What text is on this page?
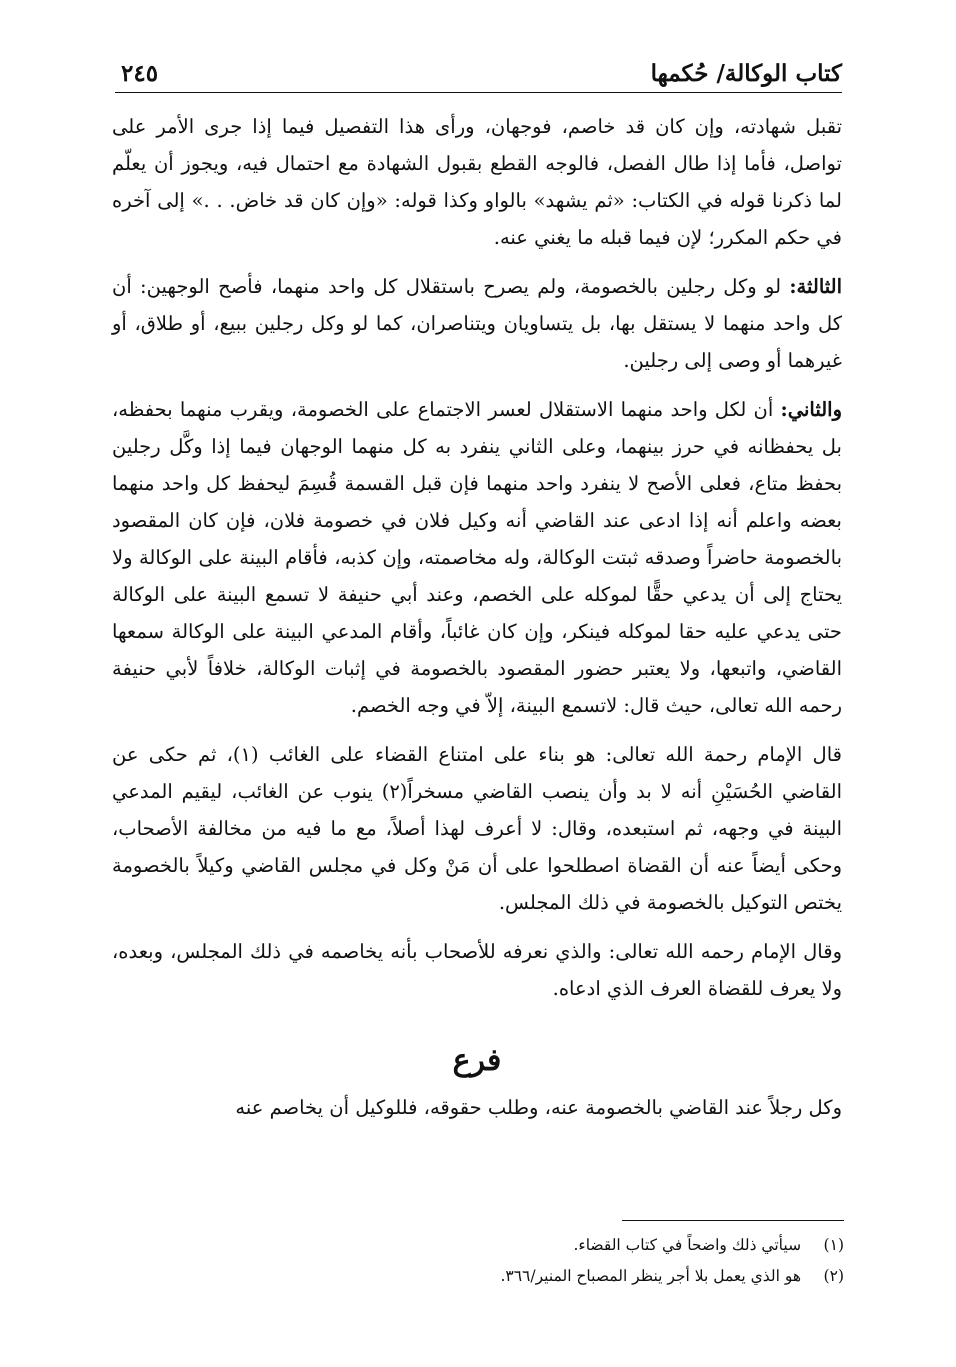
كتاب الوكالة/ حُكمها
٢٤٥

تقبل شهادته، وإن كان قد خاصم، فوجهان، ورأى هذا التفصيل فيما إذا جرى الأمر على تواصل، فأما إذا طال الفصل، فالوجه القطع بقبول الشهادة مع احتمال فيه، ويجوز أن يعلّم لما ذكرنا قوله في الكتاب: «ثم يشهد» بالواو وكذا قوله: «وإن كان قد خاض. . .» إلى آخره في حكم المكرر؛ لإن فيما قبله ما يغني عنه.

الثالثة: لو وكل رجلين بالخصومة، ولم يصرح باستقلال كل واحد منهما، فأصح الوجهين: أن كل واحد منهما لا يستقل بها، بل يتساويان ويتناصران، كما لو وكل رجلين ببيع، أو طلاق، أو غيرهما أو وصى إلى رجلين.

والثاني: أن لكل واحد منهما الاستقلال لعسر الاجتماع على الخصومة، ويقرب منهما بحفظه، بل يحفظانه في حرز بينهما، وعلى الثاني ينفرد به كل منهما الوجهان فيما إذا وكَّل رجلين بحفظ متاع، فعلى الأصح لا ينفرد واحد منهما فإن قبل القسمة قُسِمَ ليحفظ كل واحد منهما بعضه واعلم أنه إذا ادعى عند القاضي أنه وكيل فلان في خصومة فلان، فإن كان المقصود بالخصومة حاضراً وصدقه ثبتت الوكالة، وله مخاصمته، وإن كذبه، فأقام البينة على الوكالة ولا يحتاج إلى أن يدعي حقًّا لموكله على الخصم، وعند أبي حنيفة لا تسمع البينة على الوكالة حتى يدعي عليه حقا لموكله فينكر، وإن كان غائباً، وأقام المدعي البينة على الوكالة سمعها القاضي، واتبعها، ولا يعتبر حضور المقصود بالخصومة في إثبات الوكالة، خلافاً لأبي حنيفة رحمه الله تعالى، حيث قال: لاتسمع البينة، إلاّ في وجه الخصم.

قال الإمام رحمة الله تعالى: هو بناء على امتناع القضاء على الغائب (١)، ثم حكى عن القاضي الحُسَيْنِ أنه لا بد وأن ينصب القاضي مسخراً(٢) ينوب عن الغائب، ليقيم المدعي البينة في وجهه، ثم استبعده، وقال: لا أعرف لهذا أصلاً، مع ما فيه من مخالفة الأصحاب، وحكى أيضاً عنه أن القضاة اصطلحوا على أن مَنْ وكل في مجلس القاضي وكيلاً بالخصومة يختص التوكيل بالخصومة في ذلك المجلس.

وقال الإمام رحمه الله تعالى: والذي نعرفه للأصحاب بأنه يخاصمه في ذلك المجلس، وبعده، ولا يعرف للقضاة العرف الذي ادعاه.

فرع

وكل رجلاً عند القاضي بالخصومة عنه، وطلب حقوقه، فللوكيل أن يخاصم عنه

(١) سيأتي ذلك واضحاً في كتاب القضاء.
(٢) هو الذي يعمل بلا أجر ينظر المصباح المنير/٣٦٦.
